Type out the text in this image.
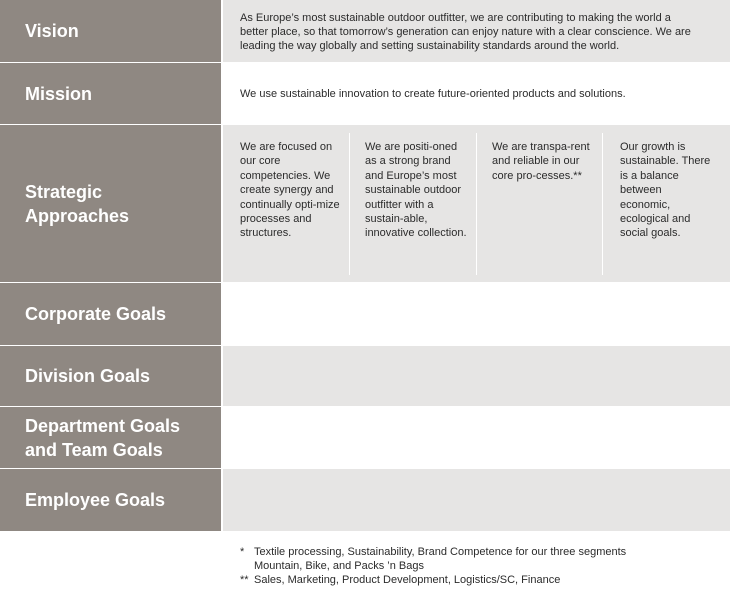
Vision
As Europe’s most sustainable outdoor outfitter, we are contributing to making the world a better place, so that tomorrow’s generation can enjoy nature with a clear conscience. We are leading the way globally and setting sustainability standards around the world.
Mission	We use sustainable innovation to create future-oriented products and solutions.
Strategic Approaches
We are focused on our core competencies. We create synergy and continually opti-mize processes and structures.
We are positi-oned as a strong brand and Europe’s most sustainable outdoor outfitter with a sustain-able, innovative collection.
We are transpa-rent and reliable in our core pro-cesses.**
Our growth is sustainable. There is a balance between economic, ecological and social goals.
Corporate Goals
Division Goals
Department Goals and Team Goals
Employee Goals
* Textile processing, Sustainability, Brand Competence for our three segments
Mountain, Bike, and Packs ’n Bags
** Sales, Marketing, Product Development, Logistics/SC, Finance
